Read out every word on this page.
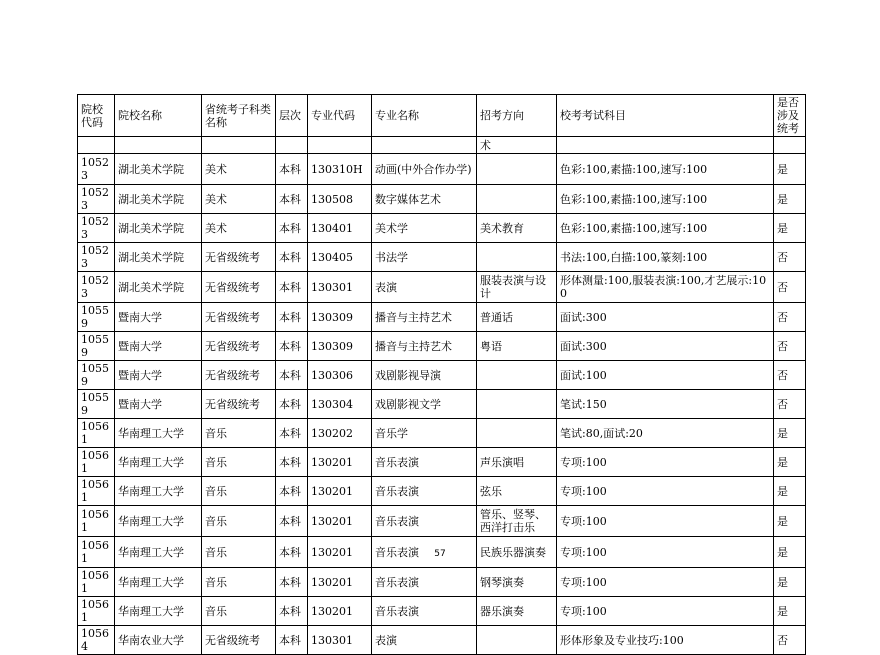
院校代码	院校名称	省统考子科类名称	层次	专业代码	专业名称	招考方向	校考考试科目	是否涉及统考
						术		
10523	湖北美术学院	美术	本科	130310H	动画(中外合作办学)		色彩:100,素描:100,速写:100	是
10523	湖北美术学院	美术	本科	130508	数字媒体艺术		色彩:100,素描:100,速写:100	是
10523	湖北美术学院	美术	本科	130401	美术学	美术教育	色彩:100,素描:100,速写:100	是
10523	湖北美术学院	无省级统考	本科	130405	书法学		书法:100,白描:100,篆刻:100	否
10523	湖北美术学院	无省级统考	本科	130301	表演	服装表演与设计	形体测量:100,服装表演:100,才艺展示:100	否
10559	暨南大学	无省级统考	本科	130309	播音与主持艺术	普通话	面试:300	否
10559	暨南大学	无省级统考	本科	130309	播音与主持艺术	粤语	面试:300	否
10559	暨南大学	无省级统考	本科	130306	戏剧影视导演		面试:100	否
10559	暨南大学	无省级统考	本科	130304	戏剧影视文学		笔试:150	否
10561	华南理工大学	音乐	本科	130202	音乐学		笔试:80,面试:20	是
10561	华南理工大学	音乐	本科	130201	音乐表演	声乐演唱	专项:100	是
10561	华南理工大学	音乐	本科	130201	音乐表演	弦乐	专项:100	是
10561	华南理工大学	音乐	本科	130201	音乐表演	管乐、竖琴、西洋打击乐	专项:100	是
10561	华南理工大学	音乐	本科	130201	音乐表演	民族乐器演奏	专项:100	是
10561	华南理工大学	音乐	本科	130201	音乐表演	钢琴演奏	专项:100	是
10561	华南理工大学	音乐	本科	130201	音乐表演	器乐演奏	专项:100	是
10564	华南农业大学	无省级统考	本科	130301	表演		形体形象及专业技巧:100	否
57
